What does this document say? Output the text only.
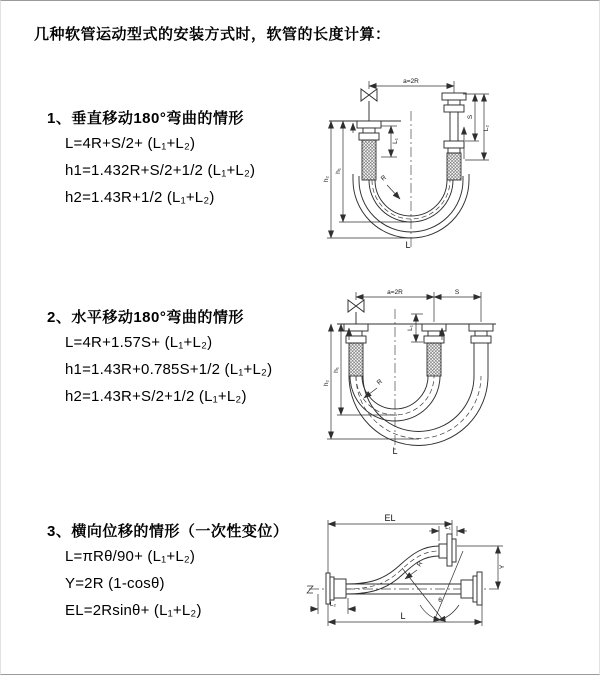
几种软管运动型式的安装方式时，软管的长度计算：
1、垂直移动180°弯曲的情形

L=4R+S/2+ (L₁+L₂)

h1=1.432R+S/2+1/2 (L₁+L₂)

h2=1.43R+1/2 (L₁+L₂)

2、水平移动180°弯曲的情形

L=4R+1.57S+ (L₁+L₂)

h1=1.43R+0.785S+1/2 (L₁+L₂)

h2=1.43R+S/2+1/2 (L₁+L₂)

3、横向位移的情形（一次性变位）

L=πRθ/90+ (L₁+L₂)

Y=2R (1-cosθ)

EL=2Rsinθ+ (L₁+L₂)

a=2R
L₁
h₁
h₂
S
L₂
R
L
a=2R	S
L₁
h₁
h₂	R
L
EL
L₁
Y
R
θ
L₂
L
